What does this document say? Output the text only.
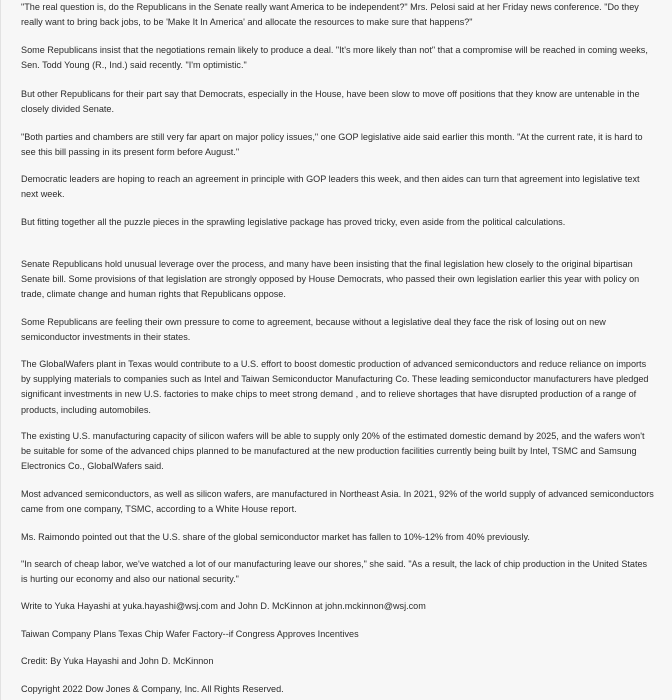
"The real question is, do the Republicans in the Senate really want America to be independent?" Mrs. Pelosi said at her Friday news conference. "Do they really want to bring back jobs, to be 'Make It In America' and allocate the resources to make sure that happens?"

Some Republicans insist that the negotiations remain likely to produce a deal. "It's more likely than not" that a compromise will be reached in coming weeks, Sen. Todd Young (R., Ind.) said recently. "I'm optimistic."

But other Republicans for their part say that Democrats, especially in the House, have been slow to move off positions that they know are untenable in the closely divided Senate.

"Both parties and chambers are still very far apart on major policy issues," one GOP legislative aide said earlier this month. "At the current rate, it is hard to see this bill passing in its present form before August."

Democratic leaders are hoping to reach an agreement in principle with GOP leaders this week, and then aides can turn that agreement into legislative text next week.

But fitting together all the puzzle pieces in the sprawling legislative package has proved tricky, even aside from the political calculations.

Senate Republicans hold unusual leverage over the process, and many have been insisting that the final legislation hew closely to the original bipartisan Senate bill. Some provisions of that legislation are strongly opposed by House Democrats, who passed their own legislation earlier this year with policy on trade, climate change and human rights that Republicans oppose.

Some Republicans are feeling their own pressure to come to agreement, because without a legislative deal they face the risk of losing out on new semiconductor investments in their states.

The GlobalWafers plant in Texas would contribute to a U.S. effort to boost domestic production of advanced semiconductors and reduce reliance on imports by supplying materials to companies such as Intel and Taiwan Semiconductor Manufacturing Co. These leading semiconductor manufacturers have pledged significant investments in new U.S. factories to make chips to meet strong demand , and to relieve shortages that have disrupted production of a range of products, including automobiles.

The existing U.S. manufacturing capacity of silicon wafers will be able to supply only 20% of the estimated domestic demand by 2025, and the wafers won't be suitable for some of the advanced chips planned to be manufactured at the new production facilities currently being built by Intel, TSMC and Samsung Electronics Co., GlobalWafers said.

Most advanced semiconductors, as well as silicon wafers, are manufactured in Northeast Asia. In 2021, 92% of the world supply of advanced semiconductors came from one company, TSMC, according to a White House report.

Ms. Raimondo pointed out that the U.S. share of the global semiconductor market has fallen to 10%-12% from 40% previously.

"In search of cheap labor, we've watched a lot of our manufacturing leave our shores," she said. "As a result, the lack of chip production in the United States is hurting our economy and also our national security."

Write to Yuka Hayashi at yuka.hayashi@wsj.com and John D. McKinnon at john.mckinnon@wsj.com

Taiwan Company Plans Texas Chip Wafer Factory--if Congress Approves Incentives

Credit: By Yuka Hayashi and John D. McKinnon

Copyright 2022 Dow Jones & Company, Inc. All Rights Reserved.
